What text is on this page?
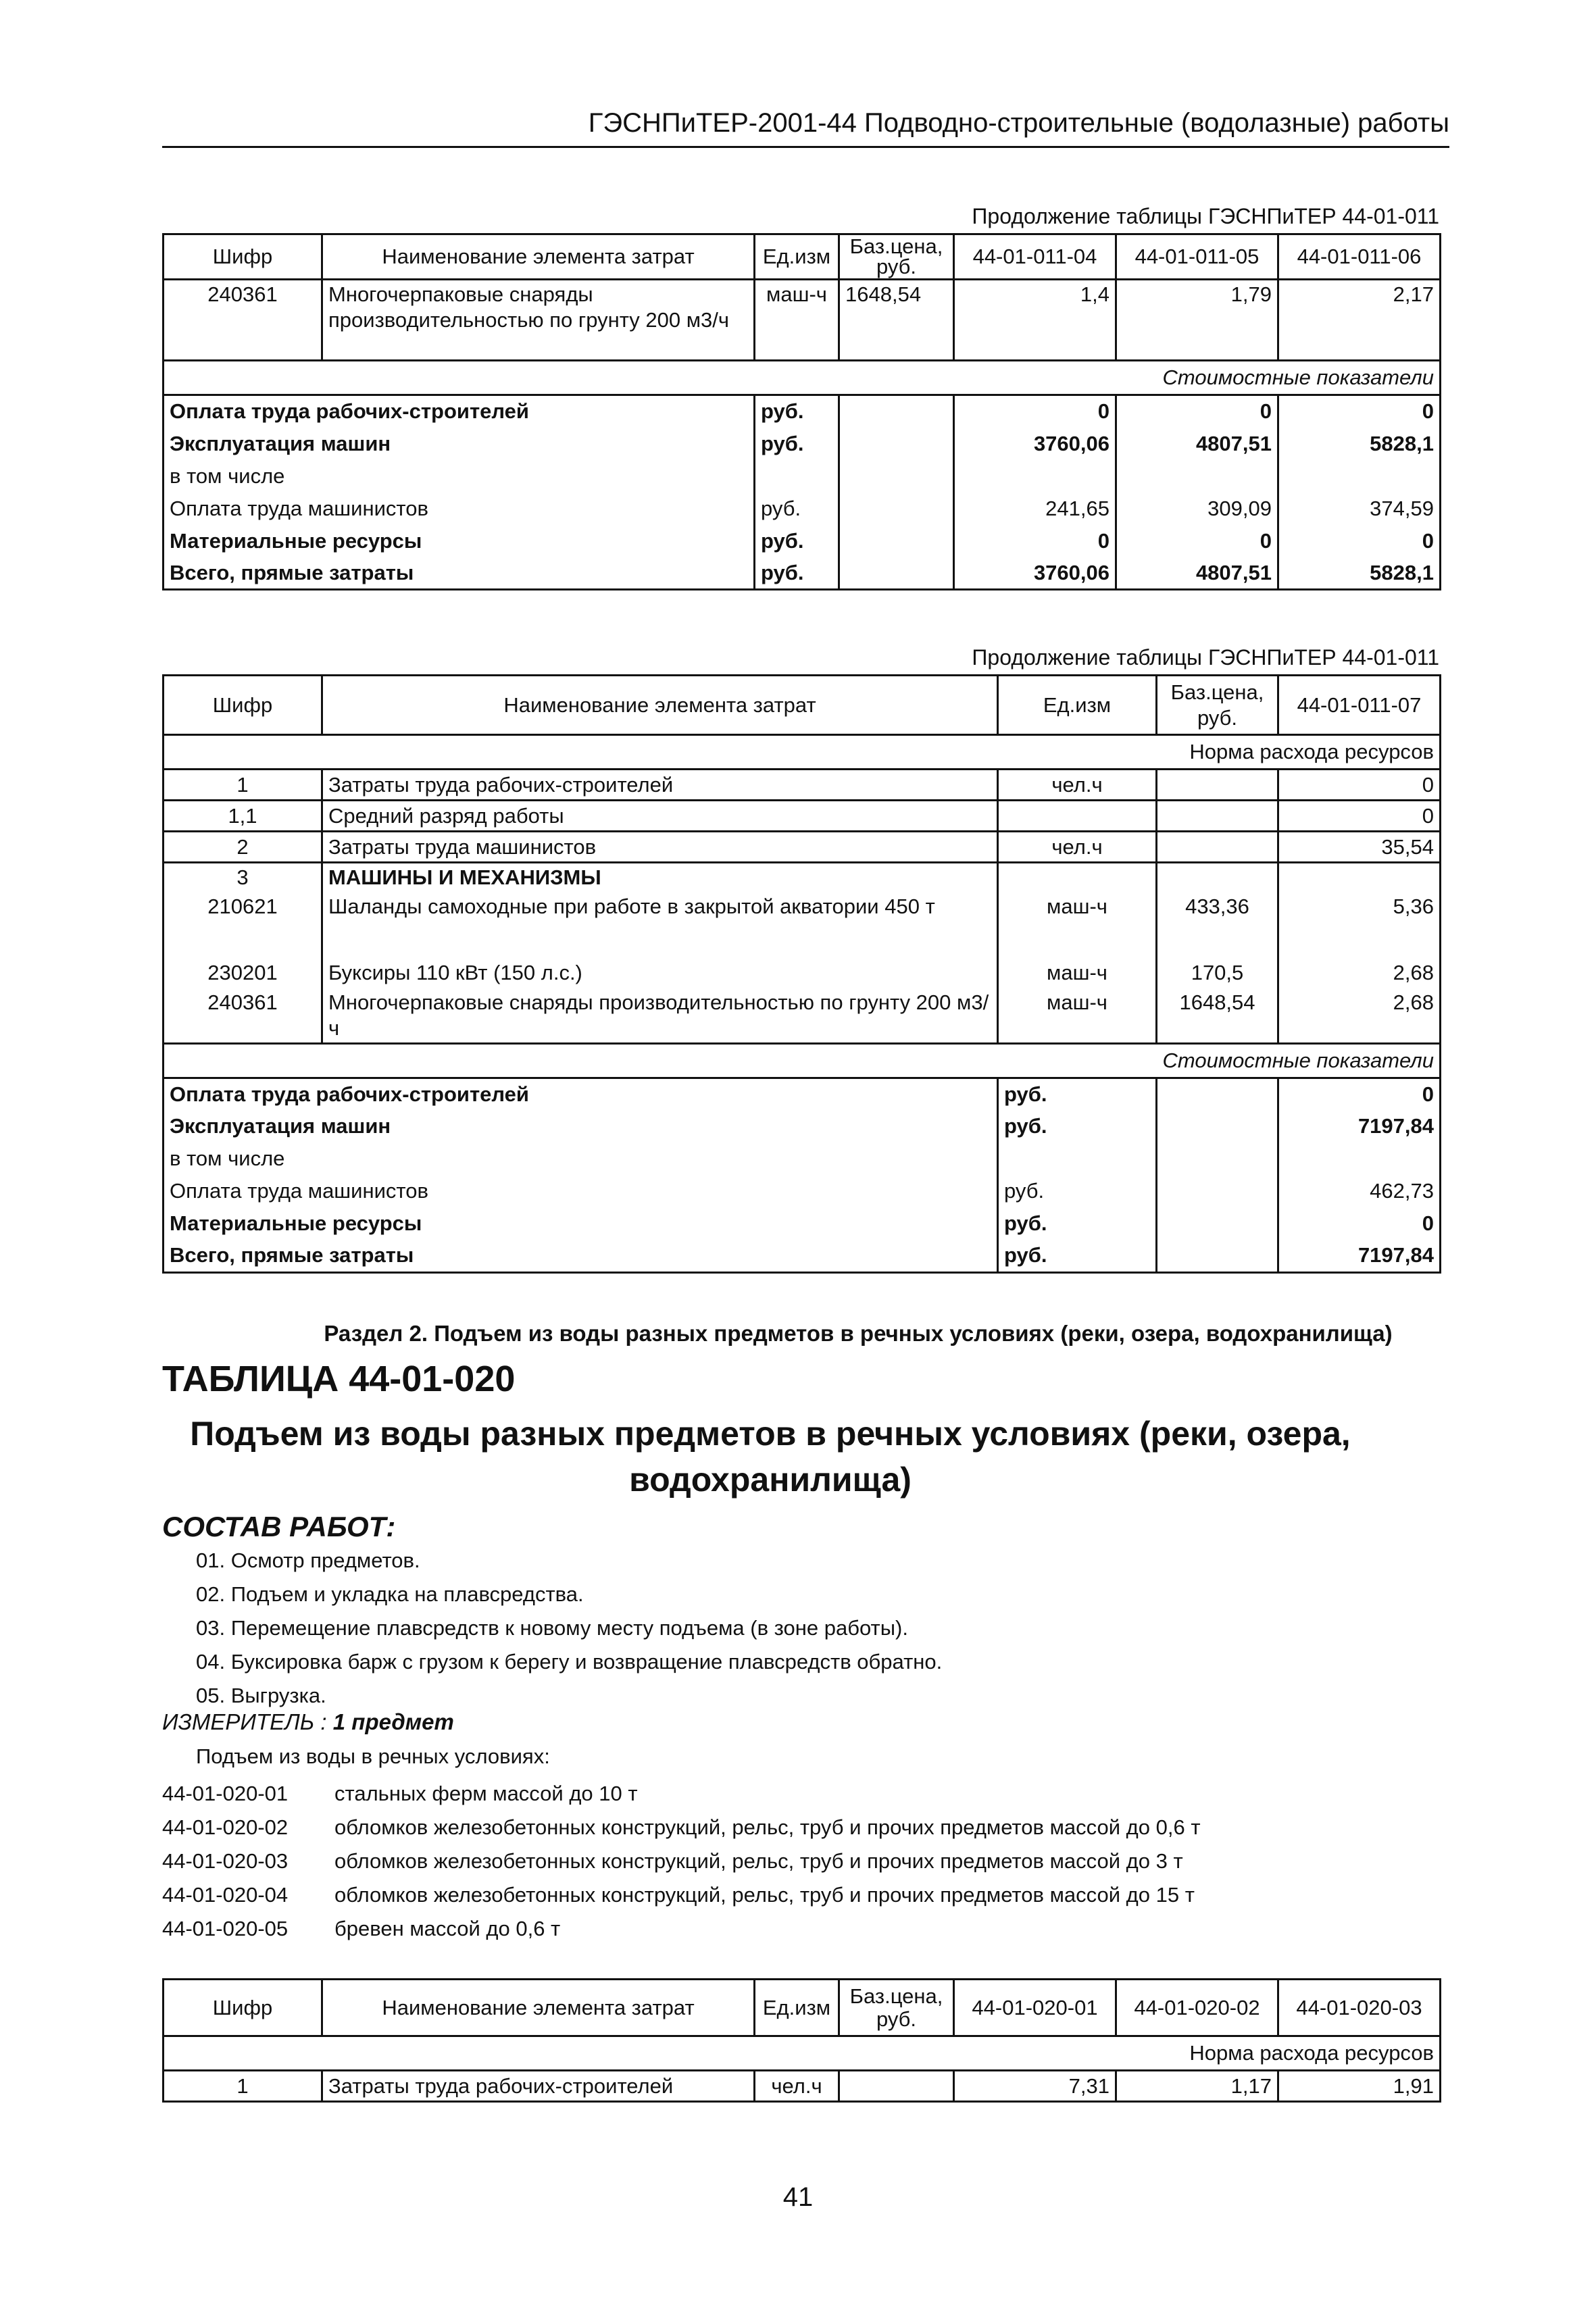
ГЭСНПиТЕР-2001-44 Подводно-строительные (водолазные) работы
Продолжение таблицы ГЭСНПиТЕР 44-01-011
Шифр	Наименование элемента затрат	Ед.изм	Баз.цена, руб.	44-01-011-04	44-01-011-05	44-01-011-06
240361	Многочерпаковые снаряды производительностью по грунту 200 м3/ч	маш-ч	1648,54	1,4	1,79	2,17
Стоимостные показатели						
Оплата труда рабочих-строителей		руб.		0	0	0
Эксплуатация машин		руб.		3760,06	4807,51	5828,1
в том числе						
Оплата труда машинистов		руб.		241,65	309,09	374,59
Материальные ресурсы		руб.		0	0	0
Всего, прямые затраты		руб.		3760,06	4807,51	5828,1
Продолжение таблицы ГЭСНПиТЕР 44-01-011
Шифр	Наименование элемента затрат	Ед.изм	Баз.цена, руб.	44-01-011-07
Норма расхода ресурсов				
1	Затраты труда рабочих-строителей	чел.ч		0
1,1	Средний разряд работы			0
2	Затраты труда машинистов	чел.ч		35,54
3	МАШИНЫ И МЕХАНИЗМЫ			
210621	Шаланды самоходные при работе в закрытой акватории 450 т	маш-ч	433,36	5,36
230201	Буксиры 110 кВт (150 л.с.)	маш-ч	170,5	2,68
240361	Многочерпаковые снаряды производительностью по грунту 200 м3/ч	маш-ч	1648,54	2,68
Стоимостные показатели				
Оплата труда рабочих-строителей		руб.		0
Эксплуатация машин		руб.		7197,84
в том числе				
Оплата труда машинистов		руб.		462,73
Материальные ресурсы		руб.		0
Всего, прямые затраты		руб.		7197,84
Раздел 2. Подъем из воды разных предметов в речных условиях (реки, озера, водохранилища)
ТАБЛИЦА 44-01-020
Подъем из воды разных предметов в речных условиях (реки, озера, водохранилища)
СОСТАВ РАБОТ:
01. Осмотр предметов.
02. Подъем и укладка на плавсредства.
03. Перемещение плавсредств к новому месту подъема (в зоне работы).
04. Буксировка барж с грузом к берегу и возвращение плавсредств обратно.
05. Выгрузка.
ИЗМЕРИТЕЛЬ : 1 предмет
Подъем из воды в речных условиях:
44-01-020-01	стальных ферм массой до 10 т
44-01-020-02	обломков железобетонных конструкций, рельс, труб и прочих предметов массой до 0,6 т
44-01-020-03	обломков железобетонных конструкций, рельс, труб и прочих предметов массой до 3 т
44-01-020-04	обломков железобетонных конструкций, рельс, труб и прочих предметов массой до 15 т
44-01-020-05	бревен массой до 0,6 т
Шифр	Наименование элемента затрат	Ед.изм	Баз.цена, руб.	44-01-020-01	44-01-020-02	44-01-020-03
Норма расхода ресурсов						
1	Затраты труда рабочих-строителей	чел.ч		7,31	1,17	1,91
41
